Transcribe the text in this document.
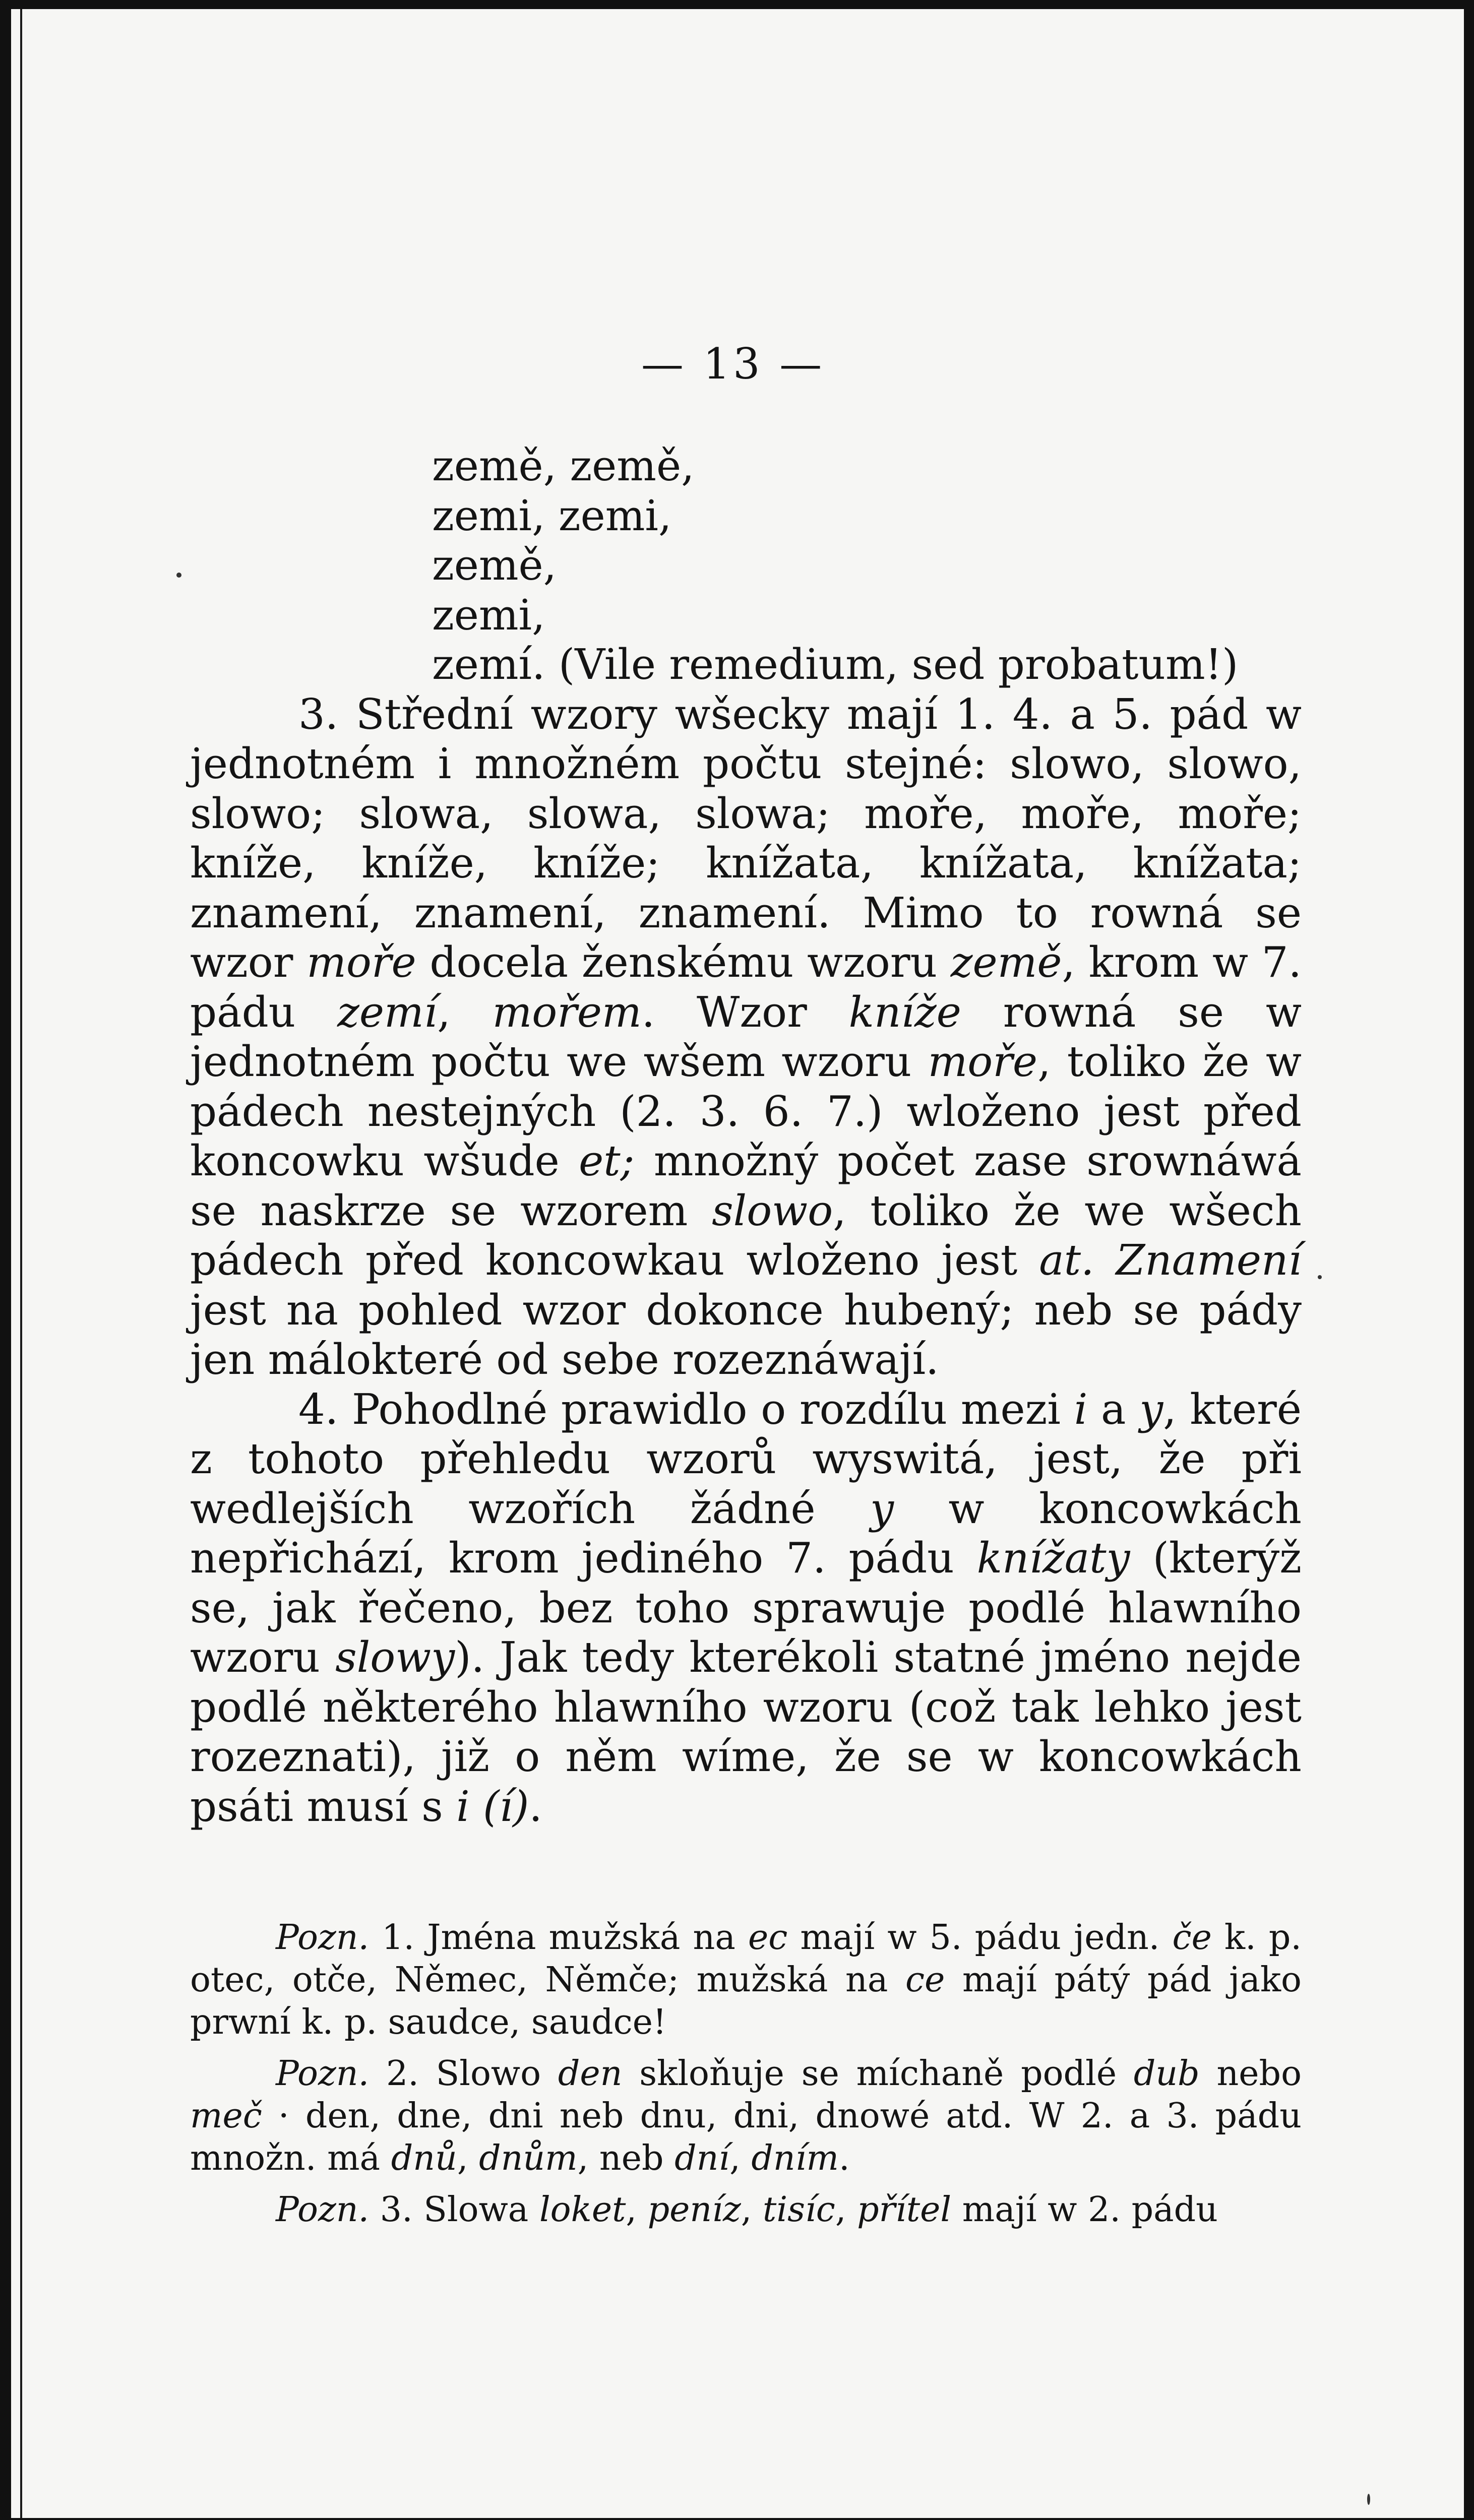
— 13 —
země, země,
zemi, zemi,
země,
zemi,
zemí. (Vile remedium, sed probatum!)

3. Střední wzory wšecky mají 1. 4. a 5. pád w jednotném i množném počtu stejné: slowo, slowo, slowo; slowa, slowa, slowa; moře, moře, moře; kníže, kníže, kníže; knížata, knížata, knížata; znamení, znamení, znamení. Mimo to rowná se wzor moře docela ženskému wzoru země, krom w 7. pádu zemí, mořem. Wzor kníže rowná se w jednotném počtu we wšem wzoru moře, toliko že w pádech nestejných (2. 3. 6. 7.) wloženo jest před koncowku wšude et; množný počet zase srownáwá se naskrze se wzorem slowo, toliko že we wšech pádech před koncowkau wloženo jest at. Znamení jest na pohled wzor dokonce hubený; neb se pády jen málokteré od sebe rozeznáwají.

4. Pohodlné prawidlo o rozdílu mezi i a y, které z tohoto přehledu wzorů wyswitá, jest, že při wedlejších wzořích žádné y w koncowkách nepřichází, krom jediného 7. pádu knížaty (kterýž se, jak řečeno, bez toho sprawuje podlé hlawního wzoru slowy). Jak tedy kterékoli statné jméno nejde podlé některého hlawního wzoru (což tak lehko jest rozeznati), již o něm wíme, že se w koncowkách psáti musí s i (í).

Pozn. 1. Jména mužská na ec mají w 5. pádu jedn. če k. p. otec, otče, Němec, Němče; mužská na ce mají pátý pád jako prwní k. p. saudce, saudce!

Pozn. 2. Slowo den skloňuje se míchaně podlé dub nebo meč · den, dne, dni neb dnu, dni, dnowé atd. W 2. a 3. pádu množn. má dnů, dnům, neb dní, dním.

Pozn. 3. Slowa loket, peníz, tisíc, přítel mají w 2. pádu
